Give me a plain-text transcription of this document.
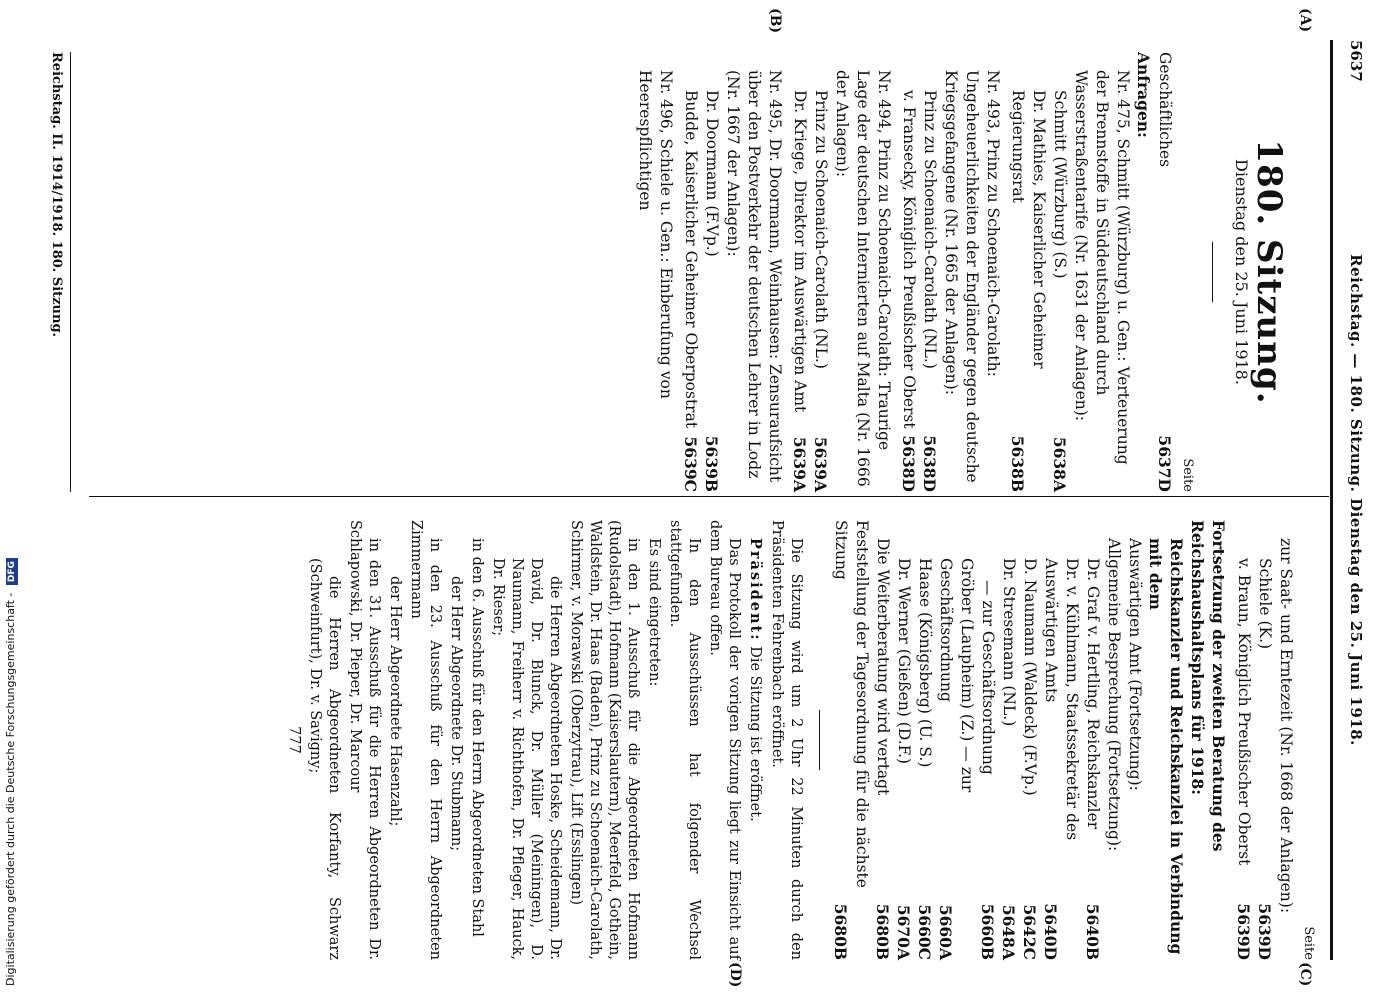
5637
Reichstag. — 180. Sitzung. Dienstag den 25. Juni 1918.
(A)
(B)
(C)
(D)
180. Sitzung.
Dienstag den 25. Juni 1918.
Seite
Geschäftliches
5637D
Anfragen:
Nr. 475, Schmitt (Würzburg) u. Gen.: Verteuerung der Brennstoffe in Süddeutschland durch Wasserstraßentarife (Nr. 1631 der Anlagen):
Schmitt (Würzburg) (S.)
5638A
Dr. Mathies, Kaiserlicher Geheimer Regierungsrat
5638B
Nr. 493, Prinz zu Schoenaich-Carolath: Ungeheuerlichkeiten der Engländer gegen deutsche Kriegsgefangene (Nr. 1665 der Anlagen):
Prinz zu Schoenaich-Carolath (NL.)
5638D
v. Fransecky, Königlich Preußischer Oberst
5638D
Nr. 494, Prinz zu Schoenaich-Carolath: Traurige Lage der deutschen Internierten auf Malta (Nr. 1666 der Anlagen):
Prinz zu Schoenaich-Carolath (NL.)
5639A
Dr. Kriege, Direktor im Auswärtigen Amt
5639A
Nr. 495, Dr. Doormann, Weinhausen: Zensuraufsicht über den Postverkehr der deutschen Lehrer in Lodz (Nr. 1667 der Anlagen):
Dr. Doormann (F.Vp.)
5639B
Budde, Kaiserlicher Geheimer Oberpostrat
5639C
Nr. 496, Schiele u. Gen.: Einberufung von Heerespflichtigen
Reichstag. II. 1914/1918. 180. Sitzung.
Seite
zur Saat- und Erntezeit (Nr. 1668 der Anlagen):
Schiele (K.)
5639D
v. Braun, Königlich Preußischer Oberst
5639D
Fortsetzung der zweiten Beratung des Reichshaushaltsplans für 1918:
Reichskanzler und Reichskanzlei in Verbindung mit dem
Auswärtigen Amt (Fortsetzung):
Allgemeine Besprechung (Fortsetzung):
Dr. Graf v. Hertling, Reichskanzler
5640B
Dr. v. Kühlmann, Staatssekretär des Auswärtigen Amts
5640D
D. Naumann (Waldeck) (F.Vp.)
5642C
Dr. Stresemann (NL.)
5648A
— zur Geschäftsordnung
5660B
Gröber (Laupheim) (Z.) — zur Geschäftsordnung
5660A
Haase (Königsberg) (U. S.)
5660C
Dr. Werner (Gießen) (D.F.)
5670A
Die Weiterberatung wird vertagt
5680B
Feststellung der Tagesordnung für die nächste Sitzung
5680B

Die Sitzung wird um 2 Uhr 22 Minuten durch den Präsidenten Fehrenbach eröffnet.

Präsident: Die Sitzung ist eröffnet.

Das Protokoll der vorigen Sitzung liegt zur Einsicht auf dem Bureau offen.

In den Ausschüssen hat folgender Wechsel stattgefunden.

Es sind eingetreten:

in den 1. Ausschuß für die Abgeordneten Hofmann (Rudolstadt), Hofmann (Kaiserslautern), Meerfeld, Gothein, Waldstein, Dr. Haas (Baden), Prinz zu Schoenaich-Carolath, Schirmer, v. Morawski (Oberzytrau), Lift (Esslingen)

die Herren Abgeordneten Hoske, Scheidemann, Dr. David, Dr. Blunck, Dr. Müller (Meiningen), D. Naumann, Freiherr v. Richthofen, Dr. Pfleger, Hauck, Dr. Rieser;

in den 6. Ausschuß für den Herrn Abgeordneten Stahl

der Herr Abgeordnete Dr. Stubmann;

in den 23. Ausschuß für den Herrn Abgeordneten Zimmermann

der Herr Abgeordnete Hasenzahl;

in den 31. Ausschuß für die Herren Abgeordneten Dr. Schlapowski, Dr. Pieper, Dr. Marcour

die Herren Abgeordneten Korfanty, Schwarz (Schweinfurt), Dr. v. Savigny;

777
Digitalisierung gefördert durch die Deutsche Forschungsgemeinschaft - DFG
